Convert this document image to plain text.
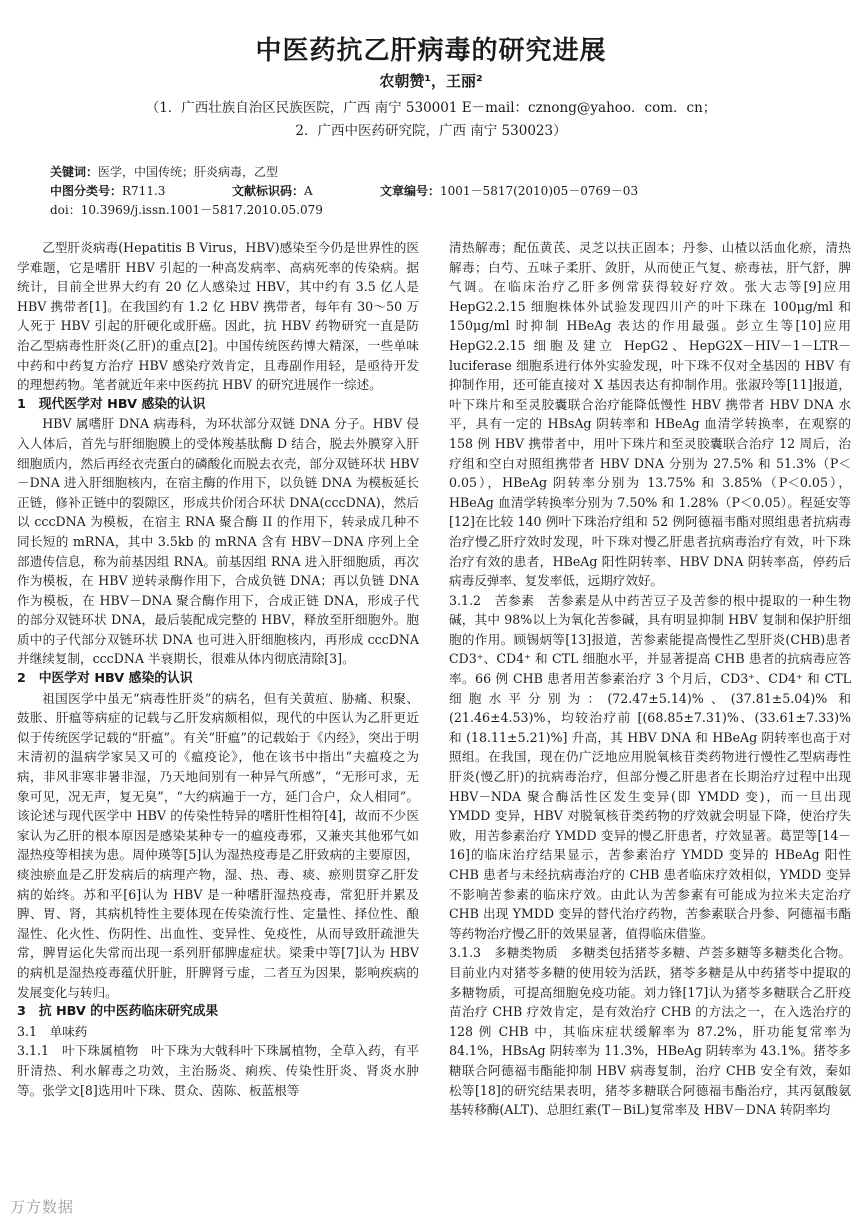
中医药抗乙肝病毒的研究进展
农朝赞¹，王丽²
（1．广西壮族自治区民族医院，广西 南宁 530001 E－mail：cznong@yahoo．com．cn；
2．广西中医药研究院，广西 南宁 530023）
关键词：医学，中国传统；肝炎病毒，乙型
中图分类号：R711.3	文献标识码：A	文章编号：1001－5817(2010)05－0769－03
doi：10.3969/j.issn.1001－5817.2010.05.079

乙型肝炎病毒(Hepatitis B Virus，HBV)感染至今仍是世界性的医学难题，它是嗜肝 HBV 引起的一种高发病率、高病死率的传染病。据统计，目前全世界大约有 20 亿人感染过 HBV，其中约有 3.5 亿人是 HBV 携带者[1]。在我国约有 1.2 亿 HBV 携带者，每年有 30～50 万人死于 HBV 引起的肝硬化或肝癌。因此，抗 HBV 药物研究一直是防治乙型病毒性肝炎(乙肝)的重点[2]。中国传统医药博大精深，一些单味中药和中药复方治疗 HBV 感染疗效肯定，且毒副作用轻，是亟待开发的理想药物。笔者就近年来中医药抗 HBV 的研究进展作一综述。

1　现代医学对 HBV 感染的认识

HBV 属嗜肝 DNA 病毒科，为环状部分双链 DNA 分子。HBV 侵入人体后，首先与肝细胞膜上的受体羧基肽酶 D 结合，脱去外膜穿入肝细胞质内，然后再经衣壳蛋白的磷酸化而脱去衣壳，部分双链环状 HBV－DNA 进入肝细胞核内，在宿主酶的作用下，以负链 DNA 为模板延长正链，修补正链中的裂隙区，形成共价闭合环状 DNA(cccDNA)，然后以 cccDNA 为模板，在宿主 RNA 聚合酶 II 的作用下，转录成几种不同长短的 mRNA，其中 3.5kb 的 mRNA 含有 HBV－DNA 序列上全部遗传信息，称为前基因组 RNA。前基因组 RNA 进入肝细胞质，再次作为模板，在 HBV 逆转录酶作用下，合成负链 DNA；再以负链 DNA 作为模板，在 HBV－DNA 聚合酶作用下，合成正链 DNA，形成子代的部分双链环状 DNA，最后装配成完整的 HBV，释放至肝细胞外。胞质中的子代部分双链环状 DNA 也可进入肝细胞核内，再形成 cccDNA 并继续复制，cccDNA 半衰期长，很难从体内彻底清除[3]。

2　中医学对 HBV 感染的认识

祖国医学中虽无“病毒性肝炎”的病名，但有关黄疸、胁痛、积聚、鼓胀、肝瘟等病症的记载与乙肝发病颇相似，现代的中医认为乙肝更近似于传统医学记载的“肝瘟”。有关“肝瘟”的记载始于《内经》，突出于明末清初的温病学家吴又可的《瘟疫论》，他在该书中指出“夫瘟疫之为病，非风非寒非暑非湿，乃天地间别有一种异气所感”，“无形可求，无象可见，况无声，复无臭”，“大约病遍于一方，延门合户，众人相同”。该论述与现代医学中 HBV 的传染性特异的嗜肝性相符[4]，故而不少医家认为乙肝的根本原因是感染某种专一的瘟疫毒邪，又兼夹其他邪气如湿热疫等相挟为患。周仲瑛等[5]认为湿热疫毒是乙肝致病的主要原因，痰浊瘀血是乙肝发病后的病理产物，湿、热、毒、痰、瘀则贯穿乙肝发病的始终。苏和平[6]认为 HBV 是一种嗜肝湿热疫毒，常犯肝并累及脾、胃、肾，其病机特性主要体现在传染流行性、定量性、择位性、酿湿性、化火性、伤阴性、出血性、变异性、免疫性，从而导致肝疏泄失常，脾胃运化失常而出现一系列肝郁脾虚症状。梁秉中等[7]认为 HBV 的病机是湿热疫毒蕴伏肝脏，肝脾肾亏虚，二者互为因果，影响疾病的发展变化与转归。

3　抗 HBV 的中医药临床研究成果
3.1　单味药

3.1.1　 叶下珠属植物　 叶下珠为大戟科叶下珠属植物，全草入药，有平肝清热、利水解毒之功效，主治肠炎、痢疾、传染性肝炎、肾炎水肿等。张学文[8]选用叶下珠、贯众、茵陈、板蓝根等

清热解毒；配伍黄芪、灵芝以扶正固本；丹参、山楂以活血化瘀，清热解毒；白芍、五味子柔肝、敛肝，从而使正气复、瘀毒祛，肝气舒，脾气调。在临床治疗乙肝多例常获得较好疗效。张大志等[9]应用 HepG2.2.15 细胞株体外试验发现四川产的叶下珠在 100μg/ml 和 150μg/ml 时抑制 HBeAg 表达的作用最强。彭立生等[10]应用 HepG2.2.15 细胞及建立 HepG2、HepG2X－HIV－1－LTR－luciferase 细胞系进行体外实验发现，叶下珠不仅对全基因的 HBV 有抑制作用，还可能直接对 X 基因表达有抑制作用。张淑玲等[11]报道，叶下珠片和至灵胶囊联合治疗能降低慢性 HBV 携带者 HBV DNA 水平，具有一定的 HBsAg 阴转率和 HBeAg 血清学转换率，在观察的 158 例 HBV 携带者中，用叶下珠片和至灵胶囊联合治疗 12 周后，治疗组和空白对照组携带者 HBV DNA 分别为 27.5% 和 51.3%（P＜0.05），HBeAg 阴转率分别为 13.75% 和 3.85%（P＜0.05），HBeAg 血清学转换率分别为 7.50% 和 1.28%（P＜0.05）。程延安等[12]在比较 140 例叶下珠治疗组和 52 例阿德福韦酯对照组患者抗病毒治疗慢乙肝疗效时发现，叶下珠对慢乙肝患者抗病毒治疗有效，叶下珠治疗有效的患者，HBeAg 阳性阴转率、HBV DNA 阴转率高，停药后病毒反弹率、复发率低，远期疗效好。

3.1.2　 苦参素　 苦参素是从中药苦豆子及苦参的根中提取的一种生物碱，其中 98%以上为氧化苦参碱，具有明显抑制 HBV 复制和保护肝细胞的作用。顾锡炳等[13]报道，苦参素能提高慢性乙型肝炎(CHB)患者 CD3⁺、CD4⁺ 和 CTL 细胞水平，并显著提高 CHB 患者的抗病毒应答率。66 例 CHB 患者用苦参素治疗 3 个月后，CD3⁺、CD4⁺ 和 CTL 细胞水平分别为：(72.47±5.14)%、(37.81±5.04)% 和 (21.46±4.53)%，均较治疗前 [(68.85±7.31)%、(33.61±7.33)% 和 (18.11±5.21)%] 升高，其 HBV DNA 和 HBeAg 阴转率也高于对照组。在我国，现在仍广泛地应用脱氧核苷类药物进行慢性乙型病毒性肝炎(慢乙肝)的抗病毒治疗，但部分慢乙肝患者在长期治疗过程中出现 HBV－NDA 聚合酶活性区发生变异(即 YMDD 变)，而一旦出现 YMDD 变异，HBV 对脱氧核苷类药物的疗效就会明显下降，使治疗失败，用苦参素治疗 YMDD 变异的慢乙肝患者，疗效显著。葛罡等[14－16]的临床治疗结果显示，苦参素治疗 YMDD 变异的 HBeAg 阳性 CHB 患者与未经抗病毒治疗的 CHB 患者临床疗效相似，YMDD 变异不影响苦参素的临床疗效。由此认为苦参素有可能成为拉米夫定治疗 CHB 出现 YMDD 变异的替代治疗药物，苦参素联合丹参、阿德福韦酯等药物治疗慢乙肝的效果显著，值得临床借鉴。

3.1.3　 多糖类物质　 多糖类包括猪苓多糖、芦荟多糖等多糖类化合物。目前业内对猪苓多糖的使用较为活跃，猪苓多糖是从中药猪苓中提取的多糖物质，可提高细胞免疫功能。刘力锋[17]认为猪苓多糖联合乙肝疫苗治疗 CHB 疗效肯定，是有效治疗 CHB 的方法之一，在入选治疗的 128 例 CHB 中，其临床症状缓解率为 87.2%，肝功能复常率为 84.1%，HBsAg 阴转率为 11.3%，HBeAg 阴转率为 43.1%。猪苓多糖联合阿德福韦酯能抑制 HBV 病毒复制，治疗 CHB 安全有效，秦如松等[18]的研究结果表明，猪苓多糖联合阿德福韦酯治疗，其丙氨酸氨基转移酶(ALT)、总胆红素(T－BiL)复常率及 HBV－DNA 转阴率均

万方数据
